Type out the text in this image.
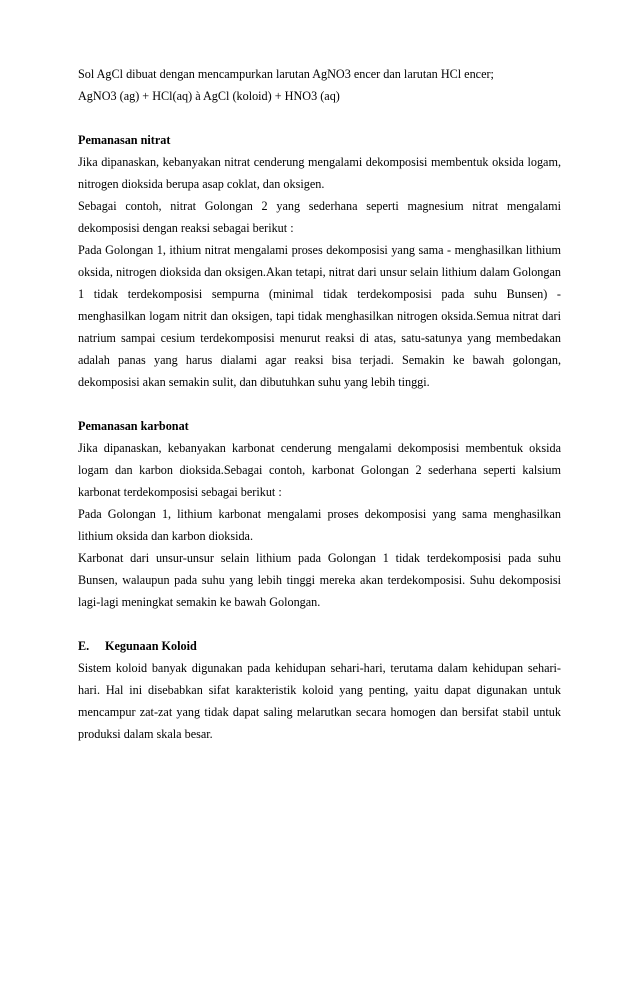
Sol AgCl dibuat dengan mencampurkan larutan AgNO3 encer dan larutan HCl encer;

AgNO3 (ag) + HCl(aq) à AgCl (koloid) + HNO3 (aq)

Pemanasan nitrat

Jika dipanaskan, kebanyakan nitrat cenderung mengalami dekomposisi membentuk oksida logam, nitrogen dioksida berupa asap coklat, dan oksigen.

Sebagai contoh, nitrat Golongan 2 yang sederhana seperti magnesium nitrat mengalami dekomposisi dengan reaksi sebagai berikut :

Pada Golongan 1, ithium nitrat mengalami proses dekomposisi yang sama - menghasilkan lithium oksida, nitrogen dioksida dan oksigen.Akan tetapi, nitrat dari unsur selain lithium dalam Golongan 1 tidak terdekomposisi sempurna (minimal tidak terdekomposisi pada suhu Bunsen) - menghasilkan logam nitrit dan oksigen, tapi tidak menghasilkan nitrogen oksida.Semua nitrat dari natrium sampai cesium terdekomposisi menurut reaksi di atas, satu-satunya yang membedakan adalah panas yang harus dialami agar reaksi bisa terjadi. Semakin ke bawah golongan, dekomposisi akan semakin sulit, dan dibutuhkan suhu yang lebih tinggi.

Pemanasan karbonat

Jika dipanaskan, kebanyakan karbonat cenderung mengalami dekomposisi membentuk oksida logam dan karbon dioksida.Sebagai contoh, karbonat Golongan 2 sederhana seperti kalsium karbonat terdekomposisi sebagai berikut :

Pada Golongan 1, lithium karbonat mengalami proses dekomposisi yang sama menghasilkan lithium oksida dan karbon dioksida.

Karbonat dari unsur-unsur selain lithium pada Golongan 1 tidak terdekomposisi pada suhu Bunsen, walaupun pada suhu yang lebih tinggi mereka akan terdekomposisi. Suhu dekomposisi lagi-lagi meningkat semakin ke bawah Golongan.

E.	Kegunaan Koloid

Sistem koloid banyak digunakan pada kehidupan sehari-hari, terutama dalam kehidupan sehari-hari. Hal ini disebabkan sifat karakteristik koloid yang penting, yaitu dapat digunakan untuk mencampur zat-zat yang tidak dapat saling melarutkan secara homogen dan bersifat stabil untuk produksi dalam skala besar.
